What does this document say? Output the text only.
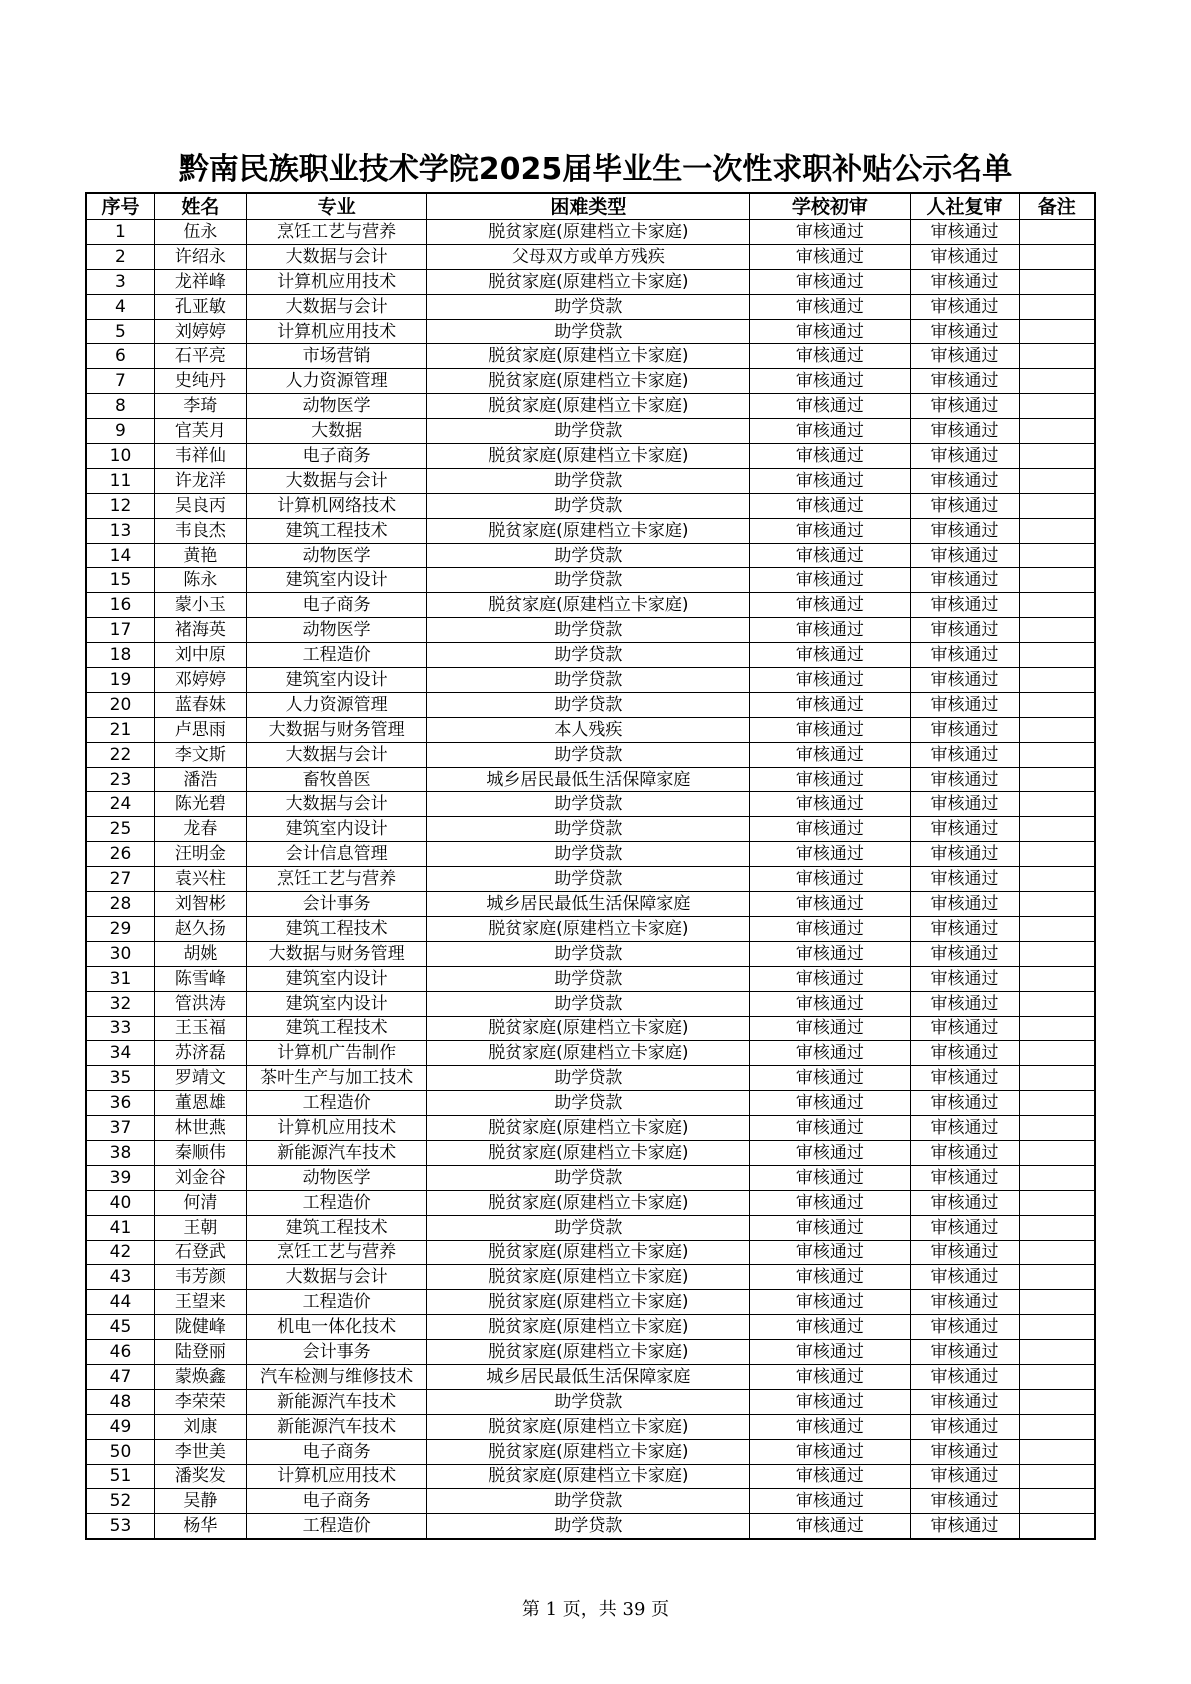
黔南民族职业技术学院2025届毕业生一次性求职补贴公示名单
序号	姓名	专业	困难类型	学校初审	人社复审	备注
1	伍永	烹饪工艺与营养	脱贫家庭(原建档立卡家庭)	审核通过	审核通过	
2	许绍永	大数据与会计	父母双方或单方残疾	审核通过	审核通过	
3	龙祥峰	计算机应用技术	脱贫家庭(原建档立卡家庭)	审核通过	审核通过	
4	孔亚敏	大数据与会计	助学贷款	审核通过	审核通过	
5	刘婷婷	计算机应用技术	助学贷款	审核通过	审核通过	
6	石平亮	市场营销	脱贫家庭(原建档立卡家庭)	审核通过	审核通过	
7	史纯丹	人力资源管理	脱贫家庭(原建档立卡家庭)	审核通过	审核通过	
8	李琦	动物医学	脱贫家庭(原建档立卡家庭)	审核通过	审核通过	
9	官芙月	大数据	助学贷款	审核通过	审核通过	
10	韦祥仙	电子商务	脱贫家庭(原建档立卡家庭)	审核通过	审核通过	
11	许龙洋	大数据与会计	助学贷款	审核通过	审核通过	
12	吴良丙	计算机网络技术	助学贷款	审核通过	审核通过	
13	韦良杰	建筑工程技术	脱贫家庭(原建档立卡家庭)	审核通过	审核通过	
14	黄艳	动物医学	助学贷款	审核通过	审核通过	
15	陈永	建筑室内设计	助学贷款	审核通过	审核通过	
16	蒙小玉	电子商务	脱贫家庭(原建档立卡家庭)	审核通过	审核通过	
17	褚海英	动物医学	助学贷款	审核通过	审核通过	
18	刘中原	工程造价	助学贷款	审核通过	审核通过	
19	邓婷婷	建筑室内设计	助学贷款	审核通过	审核通过	
20	蓝春妹	人力资源管理	助学贷款	审核通过	审核通过	
21	卢思雨	大数据与财务管理	本人残疾	审核通过	审核通过	
22	李文斯	大数据与会计	助学贷款	审核通过	审核通过	
23	潘浩	畜牧兽医	城乡居民最低生活保障家庭	审核通过	审核通过	
24	陈光碧	大数据与会计	助学贷款	审核通过	审核通过	
25	龙春	建筑室内设计	助学贷款	审核通过	审核通过	
26	汪明金	会计信息管理	助学贷款	审核通过	审核通过	
27	袁兴柱	烹饪工艺与营养	助学贷款	审核通过	审核通过	
28	刘智彬	会计事务	城乡居民最低生活保障家庭	审核通过	审核通过	
29	赵久扬	建筑工程技术	脱贫家庭(原建档立卡家庭)	审核通过	审核通过	
30	胡姚	大数据与财务管理	助学贷款	审核通过	审核通过	
31	陈雪峰	建筑室内设计	助学贷款	审核通过	审核通过	
32	管洪涛	建筑室内设计	助学贷款	审核通过	审核通过	
33	王玉福	建筑工程技术	脱贫家庭(原建档立卡家庭)	审核通过	审核通过	
34	苏济磊	计算机广告制作	脱贫家庭(原建档立卡家庭)	审核通过	审核通过	
35	罗靖文	茶叶生产与加工技术	助学贷款	审核通过	审核通过	
36	董恩雄	工程造价	助学贷款	审核通过	审核通过	
37	林世燕	计算机应用技术	脱贫家庭(原建档立卡家庭)	审核通过	审核通过	
38	秦顺伟	新能源汽车技术	脱贫家庭(原建档立卡家庭)	审核通过	审核通过	
39	刘金谷	动物医学	助学贷款	审核通过	审核通过	
40	何清	工程造价	脱贫家庭(原建档立卡家庭)	审核通过	审核通过	
41	王朝	建筑工程技术	助学贷款	审核通过	审核通过	
42	石登武	烹饪工艺与营养	脱贫家庭(原建档立卡家庭)	审核通过	审核通过	
43	韦芳颜	大数据与会计	脱贫家庭(原建档立卡家庭)	审核通过	审核通过	
44	王望来	工程造价	脱贫家庭(原建档立卡家庭)	审核通过	审核通过	
45	陇健峰	机电一体化技术	脱贫家庭(原建档立卡家庭)	审核通过	审核通过	
46	陆登丽	会计事务	脱贫家庭(原建档立卡家庭)	审核通过	审核通过	
47	蒙焕鑫	汽车检测与维修技术	城乡居民最低生活保障家庭	审核通过	审核通过	
48	李荣荣	新能源汽车技术	助学贷款	审核通过	审核通过	
49	刘康	新能源汽车技术	脱贫家庭(原建档立卡家庭)	审核通过	审核通过	
50	李世美	电子商务	脱贫家庭(原建档立卡家庭)	审核通过	审核通过	
51	潘奖发	计算机应用技术	脱贫家庭(原建档立卡家庭)	审核通过	审核通过	
52	吴静	电子商务	助学贷款	审核通过	审核通过	
53	杨华	工程造价	助学贷款	审核通过	审核通过	
第 1 页，共 39 页
